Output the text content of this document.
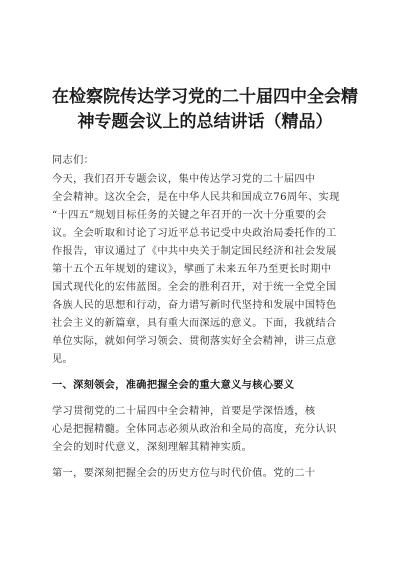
在检察院传达学习党的二十届四中全会精
神专题会议上的总结讲话（精品）
同志们：
今天，我们召开专题会议，集中传达学习党的二十届四中
全会精神。这次全会，是在中华人民共和国成立76周年、实现
“十四五”规划目标任务的关键之年召开的一次十分重要的会
议。全会听取和讨论了习近平总书记受中央政治局委托作的工
作报告，审议通过了《中共中央关于制定国民经济和社会发展
第十五个五年规划的建议》，擘画了未来五年乃至更长时期中
国式现代化的宏伟蓝图。全会的胜利召开，对于统一全党全国
各族人民的思想和行动，奋力谱写新时代坚持和发展中国特色
社会主义的新篇章，具有重大而深远的意义。下面，我就结合
单位实际，就如何学习领会、贯彻落实好全会精神，讲三点意
见。
一、深刻领会，准确把握全会的重大意义与核心要义
学习贯彻党的二十届四中全会精神，首要是学深悟透，核
心是把握精髓。全体同志必须从政治和全局的高度，充分认识
全会的划时代意义，深刻理解其精神实质。
第一，要深刻把握全会的历史方位与时代价值。党的二十
